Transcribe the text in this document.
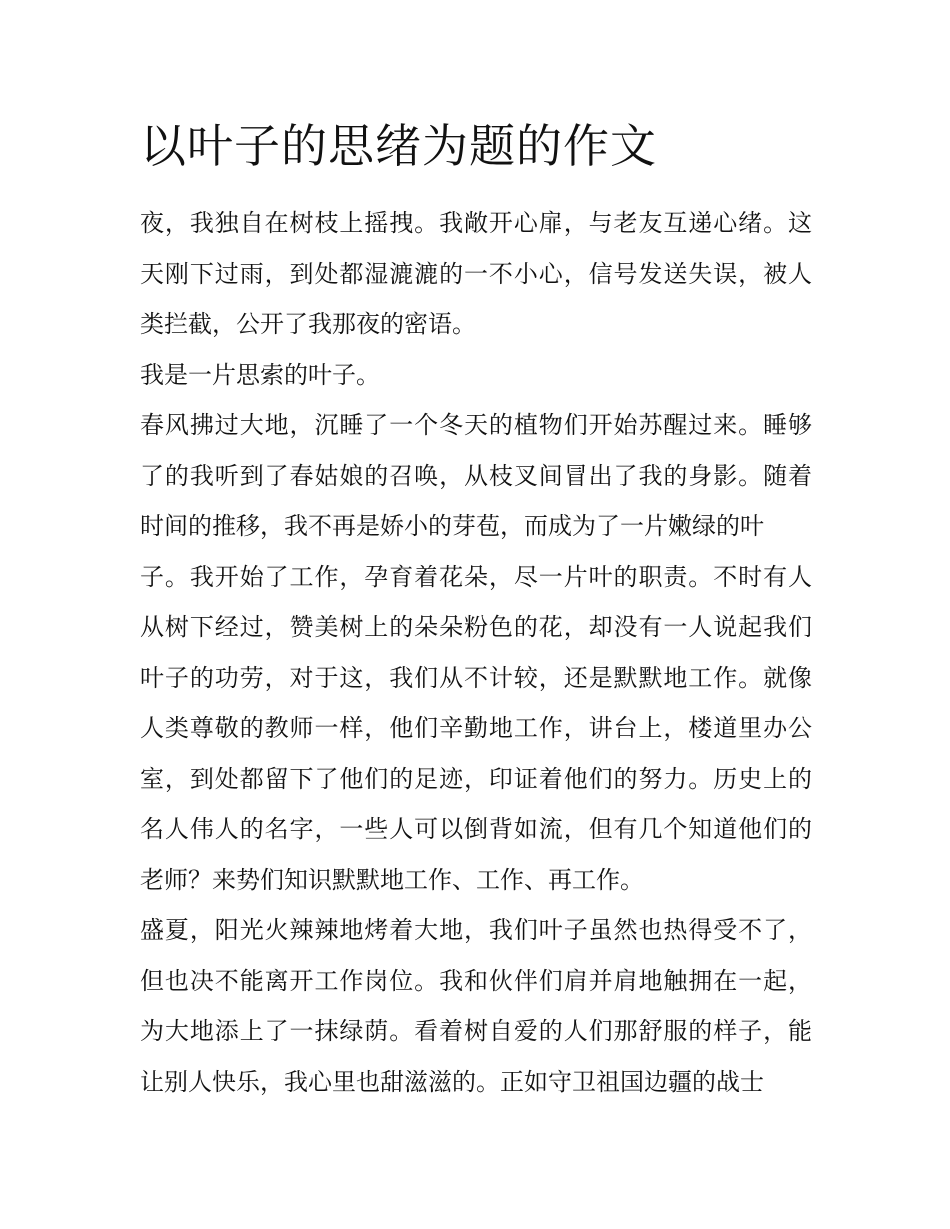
以叶子的思绪为题的作文
夜，我独自在树枝上摇拽。我敞开心扉，与老友互递心绪。这
天刚下过雨，到处都湿漉漉的一不小心，信号发送失误，被人
类拦截，公开了我那夜的密语。
我是一片思索的叶子。
春风拂过大地，沉睡了一个冬天的植物们开始苏醒过来。睡够
了的我听到了春姑娘的召唤，从枝叉间冒出了我的身影。随着
时间的推移，我不再是娇小的芽苞，而成为了一片嫩绿的叶
子。我开始了工作，孕育着花朵，尽一片叶的职责。不时有人
从树下经过，赞美树上的朵朵粉色的花，却没有一人说起我们
叶子的功劳，对于这，我们从不计较，还是默默地工作。就像
人类尊敬的教师一样，他们辛勤地工作，讲台上，楼道里办公
室，到处都留下了他们的足迹，印证着他们的努力。历史上的
名人伟人的名字，一些人可以倒背如流，但有几个知道他们的
老师？来势们知识默默地工作、工作、再工作。
盛夏，阳光火辣辣地烤着大地，我们叶子虽然也热得受不了，
但也决不能离开工作岗位。我和伙伴们肩并肩地触拥在一起，
为大地添上了一抹绿荫。看着树自爱的人们那舒服的样子，能
让别人快乐，我心里也甜滋滋的。正如守卫祖国边疆的战士
